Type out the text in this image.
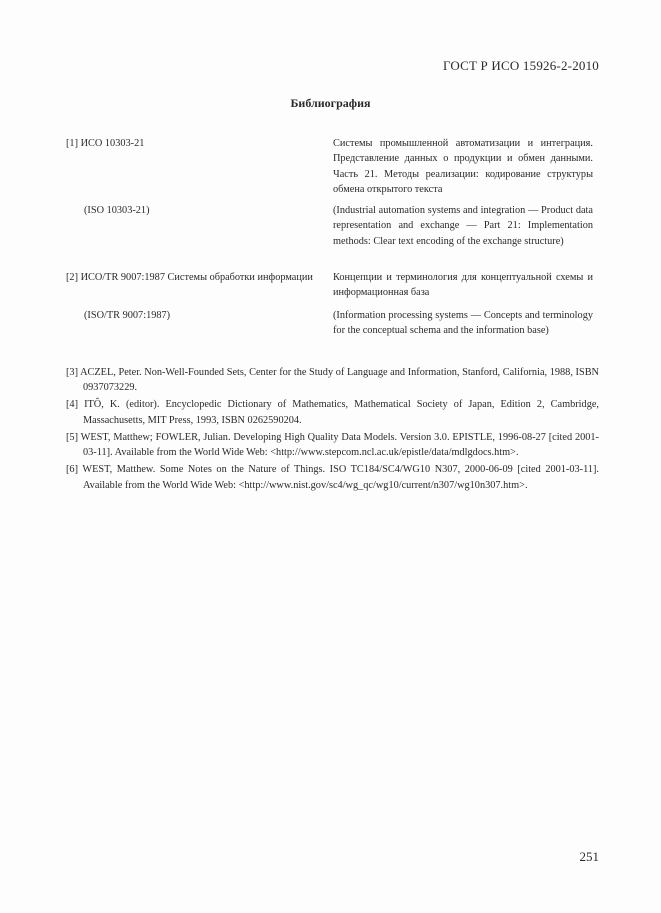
ГОСТ Р ИСО 15926-2-2010
Библиография
[1] ИСО 10303-21	Системы промышленной автоматизации и интеграция. Представление данных о продукции и обмен данными. Часть 21. Методы реализации: кодирование структуры обмена открытого текста
(ISO 10303-21)	(Industrial automation systems and integration — Product data representation and exchange — Part 21: Implementation methods: Clear text encoding of the exchange structure)
[2] ИСО/TR 9007:1987 Системы обработки информации	Концепции и терминология для концептуальной схемы и информационная база
(ISO/TR 9007:1987)	(Information processing systems — Concepts and terminology for the conceptual schema and the information base)

[3] ACZEL, Peter. Non-Well-Founded Sets, Center for the Study of Language and Information, Stanford, California, 1988, ISBN 0937073229.

[4] ITÔ, K. (editor). Encyclopedic Dictionary of Mathematics, Mathematical Society of Japan, Edition 2, Cambridge, Massachusetts, MIT Press, 1993, ISBN 0262590204.

[5] WEST, Matthew; FOWLER, Julian. Developing High Quality Data Models. Version 3.0. EPISTLE, 1996-08-27 [cited 2001-03-11]. Available from the World Wide Web: <http://www.stepcom.ncl.ac.uk/epistle/data/mdlgdocs.htm>.

[6] WEST, Matthew. Some Notes on the Nature of Things. ISO TC184/SC4/WG10 N307, 2000-06-09 [cited 2001-03-11]. Available from the World Wide Web: <http://www.nist.gov/sc4/wg_qc/wg10/current/n307/wg10n307.htm>.

251
